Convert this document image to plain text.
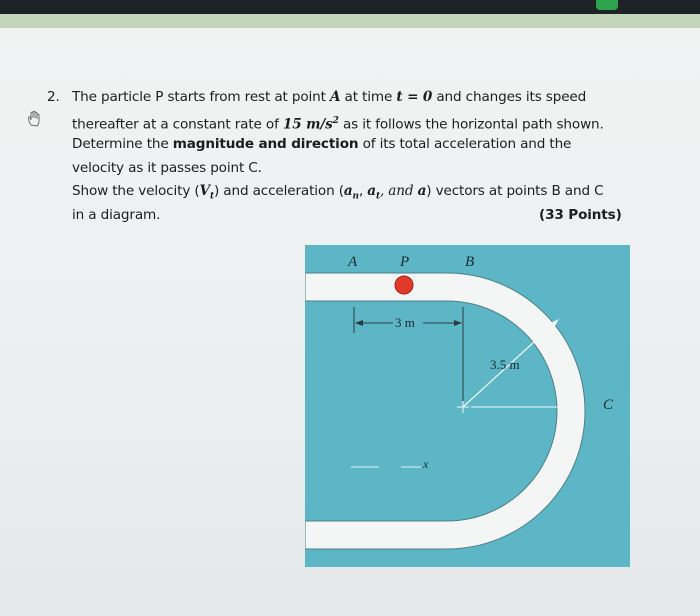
2. The particle P starts from rest at point A at time t = 0 and changes its speed
thereafter at a constant rate of 15 $m/s^2$ as it follows the horizontal path shown.
Determine the magnitude and direction of its total acceleration and the
velocity as it passes point C.
Show the velocity $(V_t)$ and acceleration ($a_n$, $a_t$, and a) vectors at points B and C
in a diagram.	(33 Points)
A	P	B
C
3 m
3.5 m
x
